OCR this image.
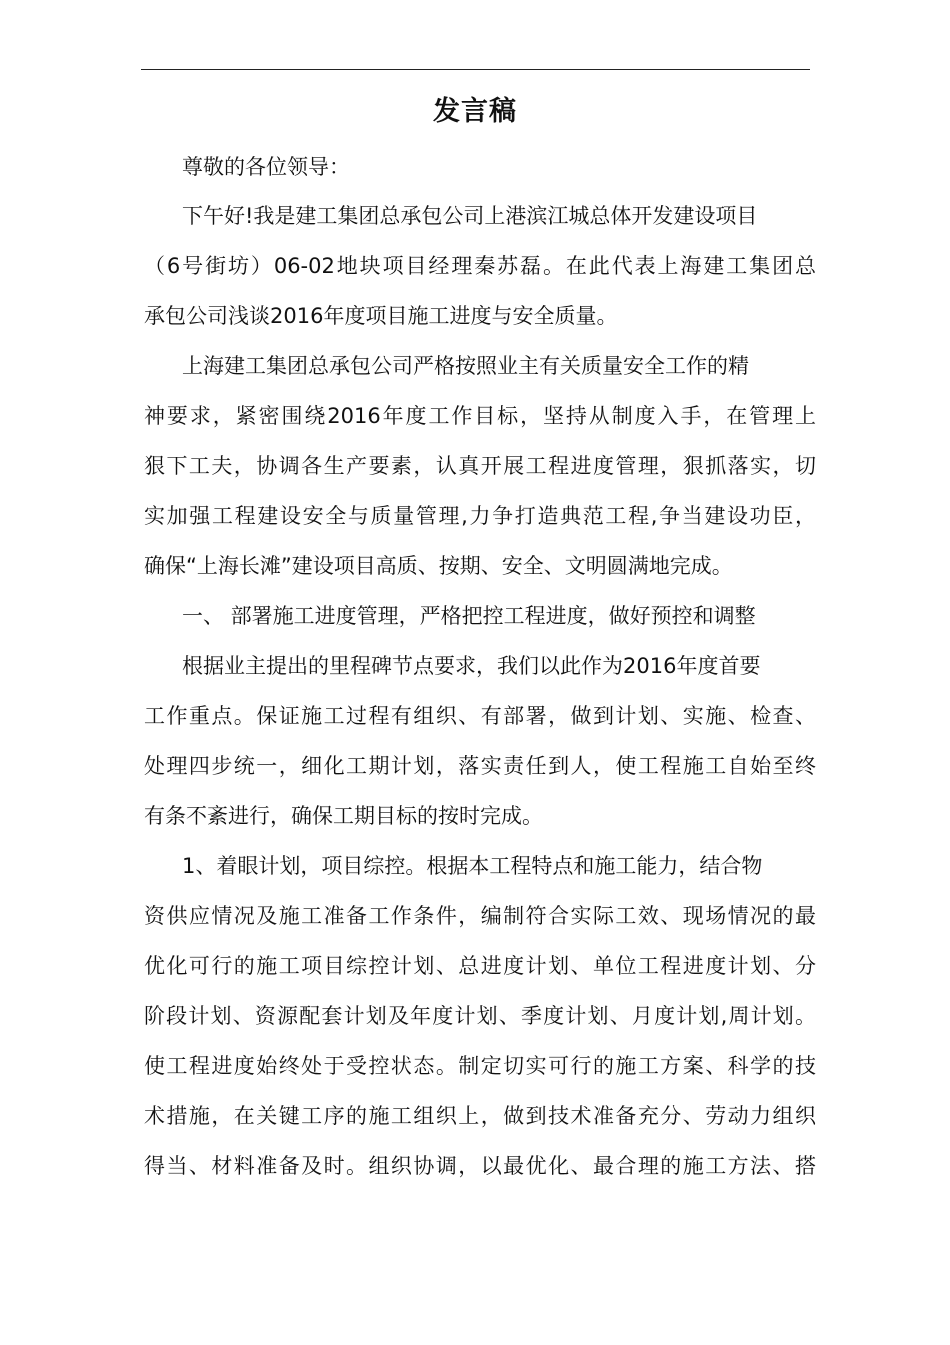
发言稿
尊敬的各位领导：
下午好!我是建工集团总承包公司上港滨江城总体开发建设项目
（6号街坊）06-02地块项目经理秦苏磊。在此代表上海建工集团总
承包公司浅谈2016年度项目施工进度与安全质量。
上海建工集团总承包公司严格按照业主有关质量安全工作的精
神要求，紧密围绕2016年度工作目标，坚持从制度入手，在管理上
狠下工夫，协调各生产要素，认真开展工程进度管理，狠抓落实，切
实加强工程建设安全与质量管理,力争打造典范工程,争当建设功臣，
确保“上海长滩”建设项目高质、按期、安全、文明圆满地完成。
一、 部署施工进度管理，严格把控工程进度，做好预控和调整
根据业主提出的里程碑节点要求，我们以此作为2016年度首要
工作重点。保证施工过程有组织、有部署，做到计划、实施、检查、
处理四步统一，细化工期计划，落实责任到人，使工程施工自始至终
有条不紊进行，确保工期目标的按时完成。
1、着眼计划，项目综控。根据本工程特点和施工能力，结合物
资供应情况及施工准备工作条件，编制符合实际工效、现场情况的最
优化可行的施工项目综控计划、总进度计划、单位工程进度计划、分
阶段计划、资源配套计划及年度计划、季度计划、月度计划,周计划。
使工程进度始终处于受控状态。制定切实可行的施工方案、科学的技
术措施，在关键工序的施工组织上，做到技术准备充分、劳动力组织
得当、材料准备及时。组织协调，以最优化、最合理的施工方法、搭
